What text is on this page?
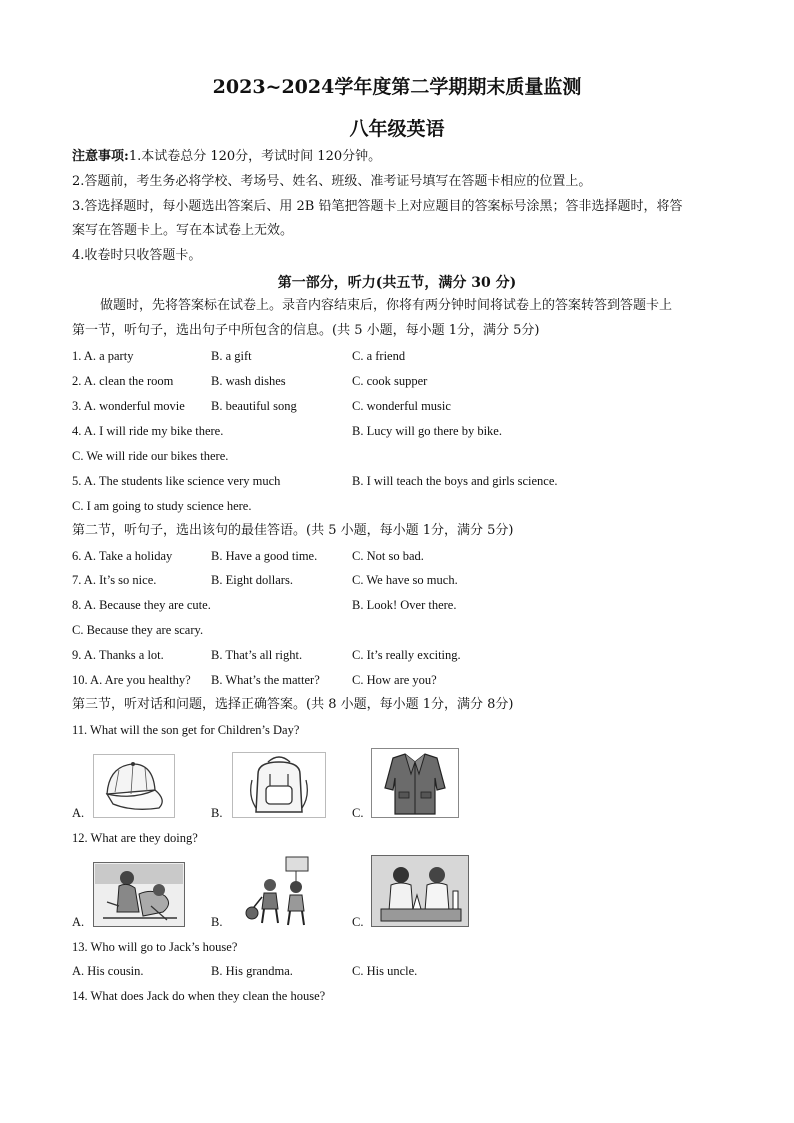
2023~2024学年度第二学期期末质量监测
八年级英语
注意事项:1.本试卷总分 120分，考试时间 120分钟。
2.答题前，考生务必将学校、考场号、姓名、班级、准考证号填写在答题卡相应的位置上。
3.答选择题时，每小题选出答案后、用 2B 铅笔把答题卡上对应题目的答案标号涂黑；答非选择题时，将答
案写在答题卡上。写在本试卷上无效。
4.收卷时只收答题卡。
第一部分，听力(共五节，满分 30 分)
做题时，先将答案标在试卷上。录音内容结束后，你将有两分钟时间将试卷上的答案转答到答题卡上
第一节，听句子，选出句子中所包含的信息。(共 5 小题，每小题 1分，满分 5分)
1. A. a party	B. a gift	C. a friend
2. A. clean the room	B. wash dishes	C. cook supper
3. A. wonderful movie B. beautiful song	C. wonderful music
4. A. I will ride my bike there.	B. Lucy will go there by bike.
C. We will ride our bikes there.
5. A. The students like science very much	B. I will teach the boys and girls science.
C. I am going to study science here.
第二节，听句子，选出该句的最佳答语。(共 5 小题，每小题 1分，满分 5分)
6. A. Take a holiday	B. Have a good time.	C. Not so bad.
7. A. It’s so nice.	B. Eight dollars.	C. We have so much.
8. A. Because they are cute.	B. Look! Over there.
C. Because they are scary.
9. A. Thanks a lot.	B. That’s all right.	C. It’s really exciting.
10. A. Are you healthy? B. What’s the matter?	C. How are you?
第三节，听对话和问题，选择正确答案。(共 8 小题，每小题 1分，满分 8分)
11. What will the son get for Children’s Day?
A.	B.	C.
12. What are they doing?
A.	B.	C.
13. Who will go to Jack’s house?
A. His cousin.	B. His grandma.	C. His uncle.
14. What does Jack do when they clean the house?
